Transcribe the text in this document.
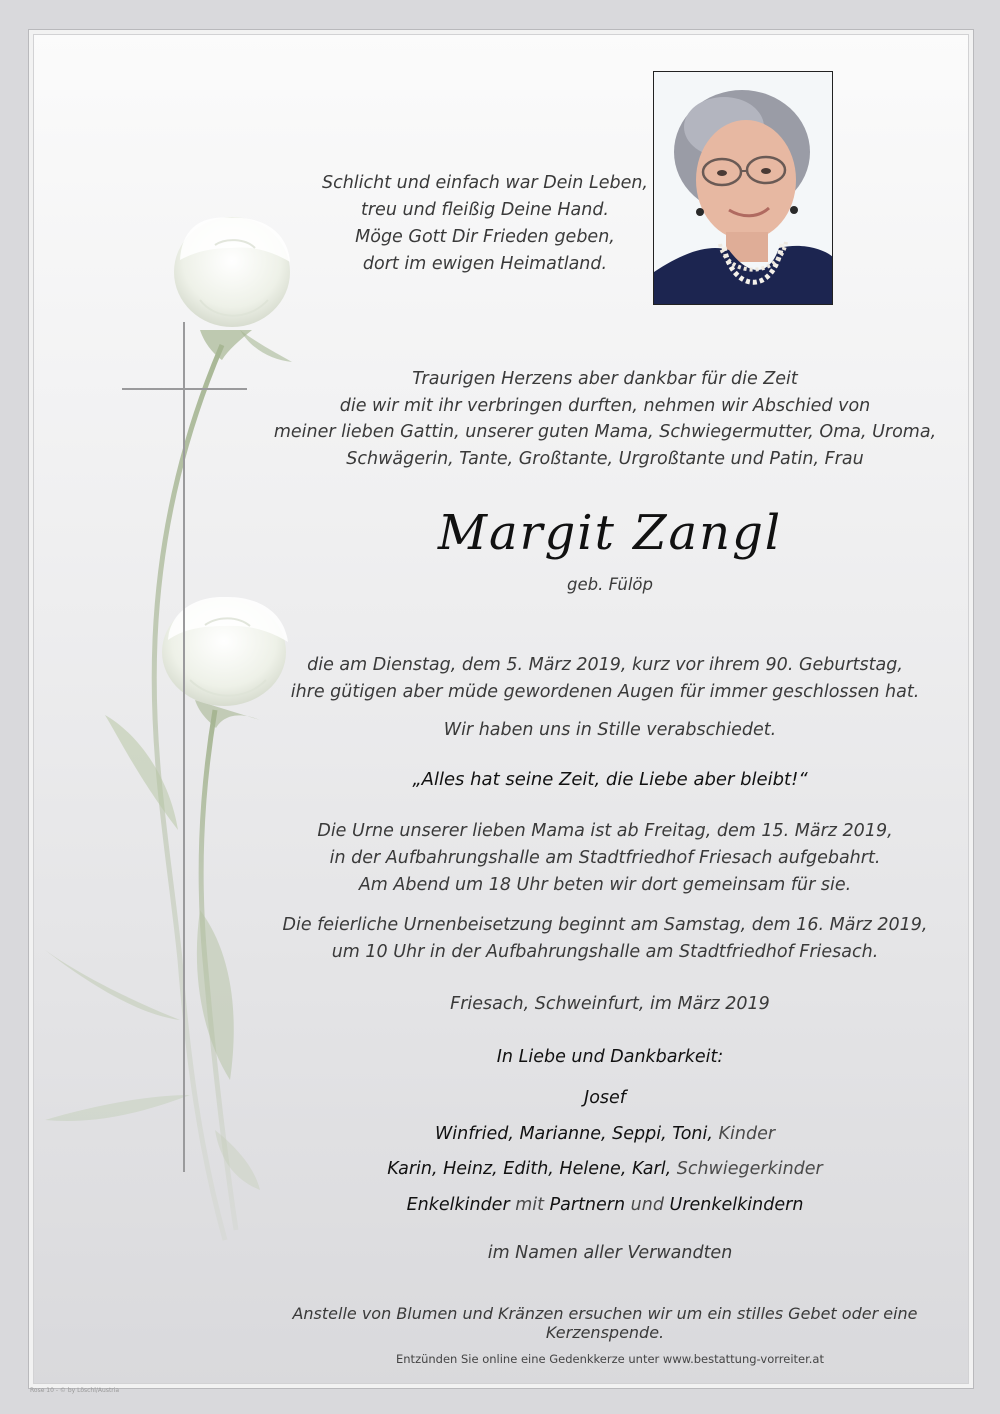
Schlicht und einfach war Dein Leben,
treu und fleißig Deine Hand.
Möge Gott Dir Frieden geben,
dort im ewigen Heimatland.
Traurigen Herzens aber dankbar für die Zeit
die wir mit ihr verbringen durften, nehmen wir Abschied von
meiner lieben Gattin, unserer guten Mama, Schwiegermutter, Oma, Uroma,
Schwägerin, Tante, Großtante, Urgroßtante und Patin, Frau
Margit Zangl
geb. Fülöp
die am Dienstag, dem 5. März 2019, kurz vor ihrem 90. Geburtstag,
ihre gütigen aber müde gewordenen Augen für immer geschlossen hat.
Wir haben uns in Stille verabschiedet.
„Alles hat seine Zeit, die Liebe aber bleibt!“
Die Urne unserer lieben Mama ist ab Freitag, dem 15. März 2019,
in der Aufbahrungshalle am Stadtfriedhof Friesach aufgebahrt.
Am Abend um 18 Uhr beten wir dort gemeinsam für sie.
Die feierliche Urnenbeisetzung beginnt am Samstag, dem 16. März 2019,
um 10 Uhr in der Aufbahrungshalle am Stadtfriedhof Friesach.
Friesach, Schweinfurt, im März 2019
In Liebe und Dankbarkeit:
Josef
Winfried, Marianne, Seppi, Toni, Kinder
Karin, Heinz, Edith, Helene, Karl, Schwiegerkinder
Enkelkinder mit Partnern und Urenkelkindern
im Namen aller Verwandten
Anstelle von Blumen und Kränzen ersuchen wir um ein stilles Gebet oder eine Kerzenspende.
Entzünden Sie online eine Gedenkkerze unter www.bestattung-vorreiter.at
Rose 10 - © by Löschl/Austria
